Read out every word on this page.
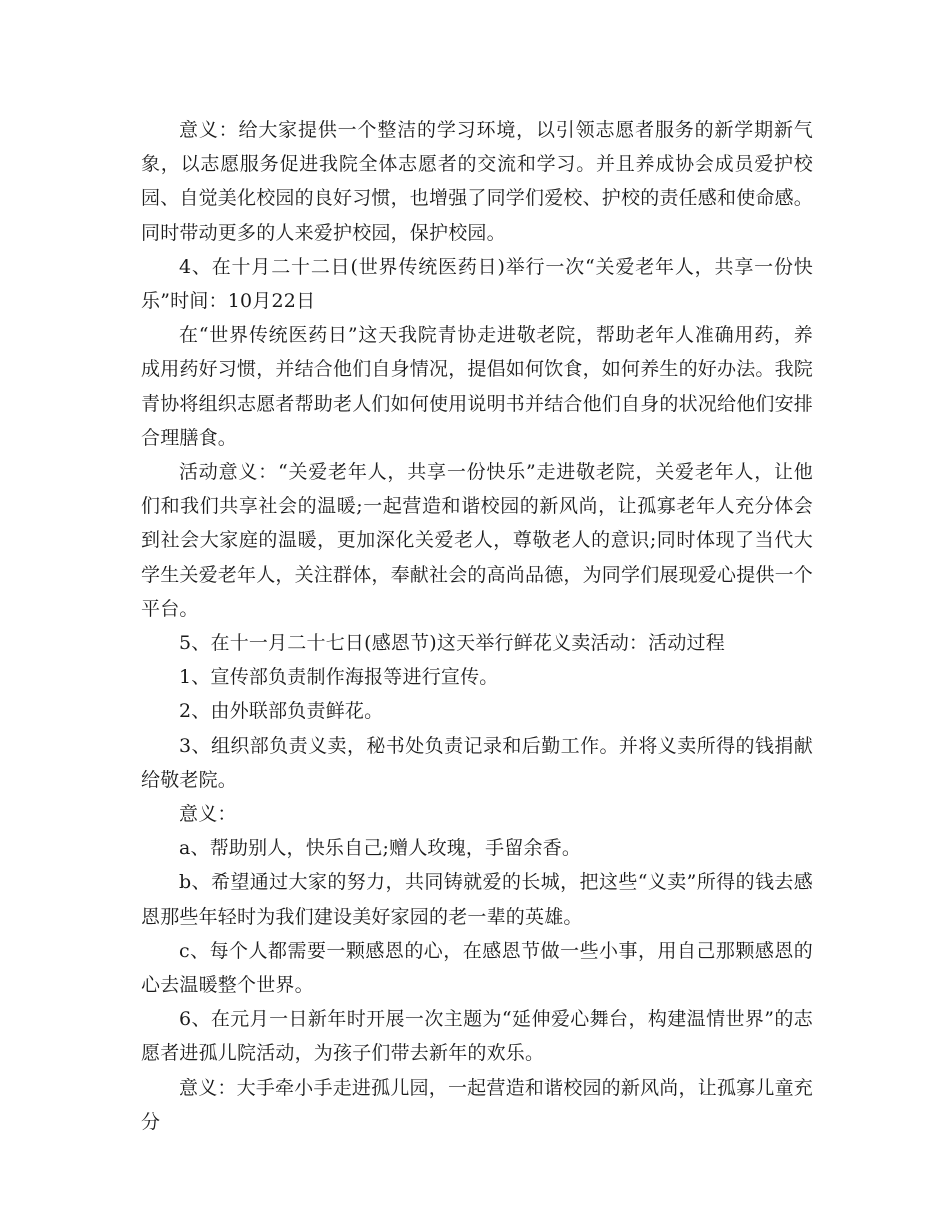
意义：给大家提供一个整洁的学习环境，以引领志愿者服务的新学期新气象，以志愿服务促进我院全体志愿者的交流和学习。并且养成协会成员爱护校园、自觉美化校园的良好习惯，也增强了同学们爱校、护校的责任感和使命感。同时带动更多的人来爱护校园，保护校园。

4、在十月二十二日(世界传统医药日)举行一次“关爱老年人，共享一份快乐”时间：10月22日

在“世界传统医药日”这天我院青协走进敬老院，帮助老年人准确用药，养成用药好习惯，并结合他们自身情况，提倡如何饮食，如何养生的好办法。我院青协将组织志愿者帮助老人们如何使用说明书并结合他们自身的状况给他们安排合理膳食。

活动意义：“关爱老年人，共享一份快乐”走进敬老院，关爱老年人，让他们和我们共享社会的温暖;一起营造和谐校园的新风尚，让孤寡老年人充分体会到社会大家庭的温暖，更加深化关爱老人，尊敬老人的意识;同时体现了当代大学生关爱老年人，关注群体，奉献社会的高尚品德，为同学们展现爱心提供一个平台。

5、在十一月二十七日(感恩节)这天举行鲜花义卖活动：活动过程

1、宣传部负责制作海报等进行宣传。

2、由外联部负责鲜花。

3、组织部负责义卖，秘书处负责记录和后勤工作。并将义卖所得的钱捐献给敬老院。

意义：

a、帮助别人，快乐自己;赠人玫瑰，手留余香。

b、希望通过大家的努力，共同铸就爱的长城，把这些“义卖”所得的钱去感恩那些年轻时为我们建设美好家园的老一辈的英雄。

c、每个人都需要一颗感恩的心，在感恩节做一些小事，用自己那颗感恩的心去温暖整个世界。

6、在元月一日新年时开展一次主题为“延伸爱心舞台，构建温情世界”的志愿者进孤儿院活动，为孩子们带去新年的欢乐。

意义：大手牵小手走进孤儿园，一起营造和谐校园的新风尚，让孤寡儿童充分
